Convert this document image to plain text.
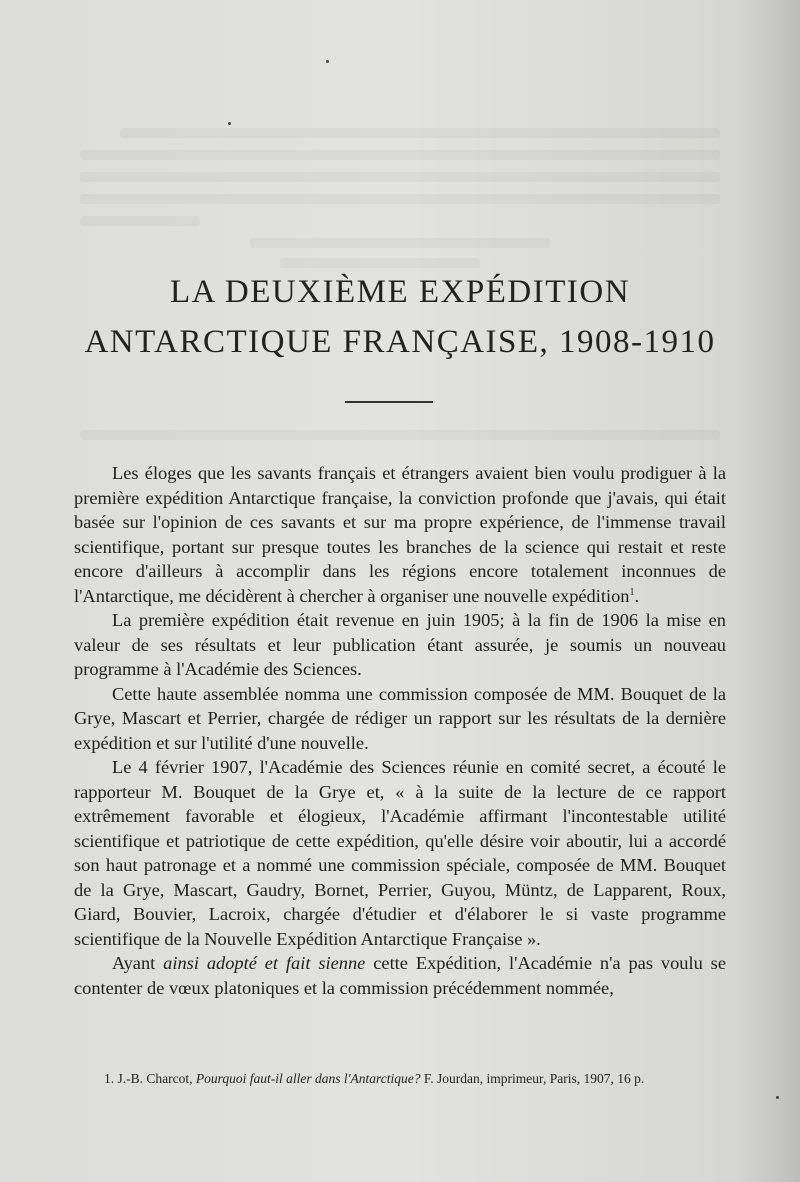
LA DEUXIÈME EXPÉDITION
ANTARCTIQUE FRANÇAISE, 1908-1910

Les éloges que les savants français et étrangers avaient bien voulu prodiguer à la première expédition Antarctique française, la conviction profonde que j'avais, qui était basée sur l'opinion de ces savants et sur ma propre expérience, de l'immense travail scientifique, portant sur presque toutes les branches de la science qui restait et reste encore d'ailleurs à accomplir dans les régions encore totalement inconnues de l'Antarctique, me décidèrent à chercher à organiser une nouvelle expédition$^1$.

La première expédition était revenue en juin 1905; à la fin de 1906 la mise en valeur de ses résultats et leur publication étant assurée, je soumis un nouveau programme à l'Académie des Sciences.

Cette haute assemblée nomma une commission composée de MM. Bouquet de la Grye, Mascart et Perrier, chargée de rédiger un rapport sur les résultats de la dernière expédition et sur l'utilité d'une nouvelle.

Le 4 février 1907, l'Académie des Sciences réunie en comité secret, a écouté le rapporteur M. Bouquet de la Grye et, « à la suite de la lecture de ce rapport extrêmement favorable et élogieux, l'Académie affirmant l'incontestable utilité scientifique et patriotique de cette expédition, qu'elle désire voir aboutir, lui a accordé son haut patronage et a nommé une commission spéciale, composée de MM. Bouquet de la Grye, Mascart, Gaudry, Bornet, Perrier, Guyou, Müntz, de Lapparent, Roux, Giard, Bouvier, Lacroix, chargée d'étudier et d'élaborer le si vaste programme scientifique de la Nouvelle Expédition Antarctique Française ».

Ayant ainsi adopté et fait sienne cette Expédition, l'Académie n'a pas voulu se contenter de vœux platoniques et la commission précédemment nommée,

1. J.-B. Charcot, Pourquoi faut-il aller dans l'Antarctique? F. Jourdan, imprimeur, Paris, 1907, 16 p.
